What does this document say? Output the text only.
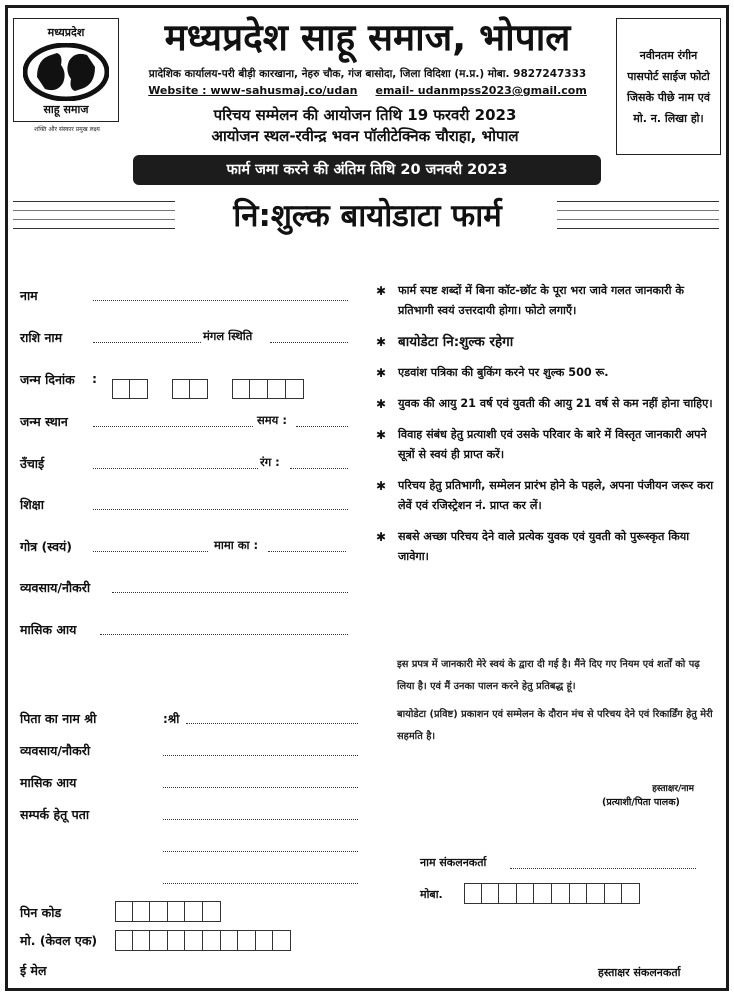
मध्यप्रदेश
साहू समाज
शक्ति और संस्कार प्रमुख लक्ष्य
मध्यप्रदेश साहू समाज, भोपाल
प्रादेशिक कार्यालय-परी बीड़ी कारखाना, नेहरु चौक, गंज बासोदा, जिला विदिशा (म.प्र.) मोबा. 9827247333
Website : www-sahusmaj.co/udan email- udanmpss2023@gmail.com
परिचय सम्मेलन की आयोजन तिथि 19 फरवरी 2023
आयोजन स्थल-रवीन्द्र भवन पॉलीटेक्निक चौराहा, भोपाल
नवीनतम रंगीन पासपोर्ट साईज फोटो जिसके पीछे नाम एवं मो. न. लिखा हो।
फार्म जमा करने की अंतिम तिथि 20 जनवरी 2023
नि:शुल्क बायोडाटा फार्म
प्रतिभागी की जानकारी	प्रतिभागी की जानकारी
नाम
राशि नाम	मंगल स्थिति
जन्म दिनांक :
जन्म स्थान	समय :
उँचाई	रंग :
शिक्षा
गोत्र (स्वयं)	मामा का :
व्यवसाय/नौकरी
मासिक आय
पारिवारिक जानकारी
पिता का नाम श्री	:श्री
व्यवसाय/नौकरी
मासिक आय
सम्पर्क हेतू पता
पिन कोड
मो. (केवल एक)
ई मेल
✱ फार्म स्पष्ट शब्दों में बिना कॉट-छॉट के पूरा भरा जावे गलत जानकारी के प्रतिभागी स्वयं उत्तरदायी होगा। फोटो लगाएँ।
✱ बायोडेटा नि:शुल्क रहेगा
✱ एडवांश पत्रिका की बुकिंग करने पर शुल्क 500 रू.
✱ युवक की आयु 21 वर्ष एवं युवती की आयु 21 वर्ष से कम नहीं होना चाहिए।
✱ विवाह संबंध हेतु प्रत्याशी एवं उसके परिवार के बारे में विस्तृत जानकारी अपने सूत्रों से स्वयं ही प्राप्त करें।
✱ परिचय हेतु प्रतिभागी, सम्मेलन प्रारंभ होने के पहले, अपना पंजीयन जरूर करा लेवें एवं रजिस्ट्रेशन नं. प्राप्त कर लें।
✱ सबसे अच्छा परिचय देने वाले प्रत्येक युवक एवं युवती को पुरूस्कृत किया जावेगा।
वचन पत्र
इस प्रपत्र में जानकारी मेरे स्वयं के द्वारा दी गई है। मैंने दिए गए नियम एवं शर्तों को पढ़ लिया है। एवं मैं उनका पालन करने हेतु प्रतिबद्ध हूं।
बायोडेटा (प्रविष्ट) प्रकाशन एवं सम्मेलन के दौरान मंच से परिचय देने एवं रिकार्डिंग हेतु मेरी सहमति है।
हस्ताक्षर/नाम
(प्रत्याशी/पिता पालक)
नाम संकलनकर्ता
मोबा.
हस्ताक्षर संकलनकर्ता
